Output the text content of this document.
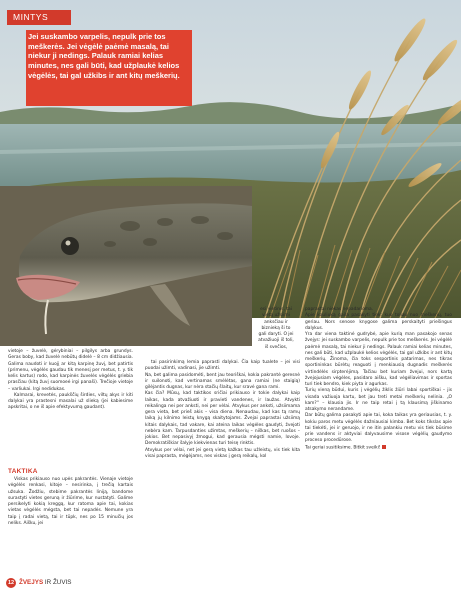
MINTYS
Jei suskambo varpelis, nepulk prie tos meškerės. Jei vėgėlė paėmė masalą, tai niekur ji nedings. Palauk ramiai kelias minutes, nes gali būti, kad užplaukė kelios vėgėlės, tai gal užkibs ir ant kitų meškerių.
esi vietinis, tai vietą užsiimi anksčiau ir biznieką ši to gali daryti. O jei atvažiuoji iš toli, iš svečios,

vietoje – žuvelė, gėrybiniai – pilgilys arba grundys. Geras boby, kad žuvelė nebūtų didelė – 8 cm didžiausia. Galima naudoti ir kuojį ar kitą karpinę žuvį, bet patirtis (primenu, vėgėlės gaudau tik menesį per metus, t. y. tik kelis kartus) rodo, kad karpinės žuvelės vėgėlės griebia prasčiau (kitą žuvį suomoeė irgi panaši). Trečioje vietoje – varliukai. Irgi nedidukas.

Kalmarai, krevetės, paukščių širdies, viltų akys ir kiti dalykai yra prastesni masalai už slieką (jei kabiesime apskritai, o ne iš apie efektyvumą gaudant).

TAKTIKA

Viskas prikiauso nuo upės pakrantės. Vienaje vietoje vėgėlės renkasi, kitoje – nesirinka, į trečią kartais užsuka. Žodžiu, stebime pakrantės liniją, bandome surastyti vietes geruną ir žiūrime, kur nustatyti. Galime persikelyti kokią kreggą, kur ratoma apie tai, kokias vietas vėgėlės mėgsta, bet tai nepadės. Nemune yra taip į radai vietą, tai ir tūpk, nes po 15 minučių jos neliks. Aišku, jei

tai pasirinkimą lemia paprasti dalykai. Čia kaip tualete – jei visi puodai užimti, vadinasi, jie užimti.
Na, bet galima pasidomėti, bent jau teoriškai, kokia pakrantė geresnė ir suilonoti, kad vertinamas smėlėtas, gana ramiai (ne staigią) gilėjantis dugnas, kur nėra stačių šlaitų, kur sravė gana rami.
Kas čia? Mūsų, kad taktikos sričiai prikiauso ir tokie dalykai kaip laikas, kada atvažiuoti ir pravieti vandenes, ir laužas. Atvykti reikalinga nei per anksti, nei per vėlai. Atvykus per anksti, užsiimama gera vieta, bet prieš akis – visa diena. Nenaudau, kad kas tą ramų laiką jų kilnimo leistų knygą skaitytojams. Žvejai paprastai užsiimą kitais dalykais, tad vakare, kai ateina laikas vėgėles gaudyti, žvejoti nebėra kam. Tarpusdanties užimtas, meškerių – niškas, bet ruošos – jokios. Bet nepasivyį žmogui, kad gerausia mėgsti namie, lovoje. Demokratiškiar šalyje kiekvienas turi teisę rinktis.
Atvykus per vėlai, net jei gerą vietą kažkas tau užleistų, vis tiek kita visai paprasta, mėgėjams, nes viskas į gerą reikalų, kol

paprastai niekas nepadarioma.
Apie kauliuką gaila pasakyti tiek: kuo toliau nuo meškerių, tuo geriau. Nors senose knygose galima perskaityti priešingus dalykus.
Yra dar viena taktinė gudrybė, apie kurią man pasakojo senas žvejys: jei suskambo varpelis, nepulk prie tos meškerės. Jei vėgėlė paėmė masalą, tai niekur ji nedings. Palauk ramiai kelias minutes, nes gali būti, kad užplaukė kelios vėgėlės, tai gal užkibs ir ant kitų meškerių. Žinoma, čia toks sesportinis patarimas, nes tikras sportininkas būrėtų reaguoti į menkiausią dugnadis meškerės virtindėlės sirpterėjimą. Tačiau bet kuriam žvejui, nors kartą žvejojusiam vėgėles, pasidaro aišku, kad vėgėliavimas ir sportas turi tiek bendro, kiek piyta ir agurkas.
Turių vieną būdui, kuris į vėgėlių žiklis žiūri labai sportiškai – jis visada važiuoja kartu, bet jau treti metai meškerių nelinia. „O kam?“ – klausia jis. Ir ne taip retai į tą klausimą jiškinamo atsakymo nerandame.
Dar būtų galima pasakyti apie tai, koka taikas yra geriausias, t. y. kokiu paros metu vėgėlės dažniausiai kimba. Bet koks tikslas apie tai tiekėti, jei ir geruojo, ir ne itin palankiu metu vis tiek būsime prie vandens ir aktyviai dalyvausime visose vėgėlių gaudymo proceso procedūrose.
Tai geriai susitiksime. Bitkit sveiki!

12 ŽVEJYS IR ŽUVIS
